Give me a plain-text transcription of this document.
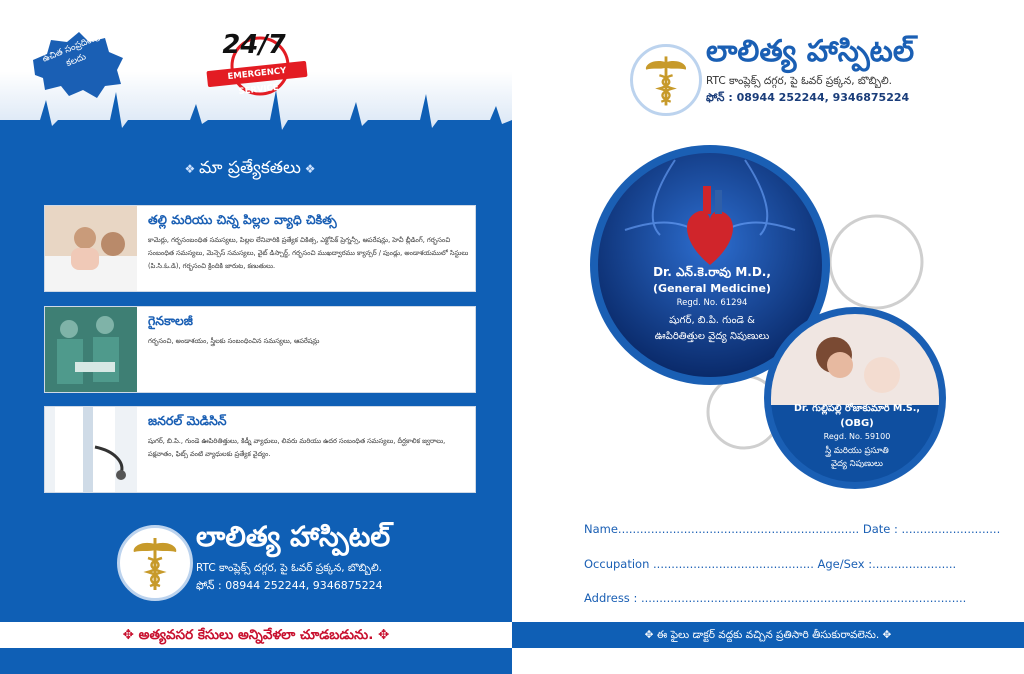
ఉచిత సంప్రదింపు కలదు
24/7
EMERGENCY SERVICE
❖ మా ప్రత్యేకతలు ❖
తల్లి మరియు చిన్న పిల్లల వ్యాధి చికిత్స
కామెర్లు, గర్భసంబంధిత సమస్యలు, పిల్లల లేనివారికి ప్రత్యేక చికిత్స, ఎక్టోపిక్ ప్రెగ్నన్సీ, ఆపరేషన్లు, హెవీ బ్లీడింగ్, గర్భసంచి సంబంధిత సమస్యలు, మెన్సెస్ సమస్యలు, వైట్ డిస్చార్జ్, గర్భసంచి ముఖద్వారము క్యాన్సర్ / పుండ్లు, అండాశయములో సిస్టులు (పి.సి.ఓ.డి), గర్భసంచి క్రిందికి జారుట, కణుతులు.
గైనకాలజీ
గర్భసంచి, అండాశయం, స్త్రీలకు సంబంధించిన సమస్యలు, ఆపరేషన్లు
జనరల్ మెడిసిన్
షుగర్, బి.పి., గుండె ఊపిరితిత్తులు, కిడ్నీ వ్యాధులు, లివరు మరియు ఉదర సంబంధిత సమస్యలు, దీర్ఘకాలిక జ్వరాలు, పక్షవాతం, ఫిట్స్ వంటి వ్యాధులకు ప్రత్యేక వైద్యం.
లాలిత్య హాస్పిటల్
RTC కాంప్లెక్స్ దగ్గర, పై ఓవర్ ప్రక్కన, బొబ్బిలి.
ఫోన్ : 08944 252244, 9346875224
✥ అత్యవసర కేసులు అన్నివేళలా చూడబడును. ✥
లాలిత్య హాస్పిటల్
RTC కాంప్లెక్స్ దగ్గర, పై ఓవర్ ప్రక్కన, బొబ్బిలి.
ఫోన్ : 08944 252244, 9346875224
Dr. ఎన్.కె.రావు M.D.,
(General Medicine)
Regd. No. 61294
షుగర్, బి.పి. గుండె &
ఊపిరితిత్తుల వైద్య నిపుణులు
Dr. గుల్లిపల్లి రోజాకుమారి M.S.,
(OBG)
Regd. No. 59100
స్త్రీ మరియు ప్రసూతి
వైద్య నిపుణులు
Name.................................................................. Date : ...........................
Occupation ............................................ Age/Sex :.......................
Address : .........................................................................................
✥ ఈ ఫైలు డాక్టర్ వద్దకు వచ్చిన ప్రతిసారి తీసుకురావలెను. ✥
